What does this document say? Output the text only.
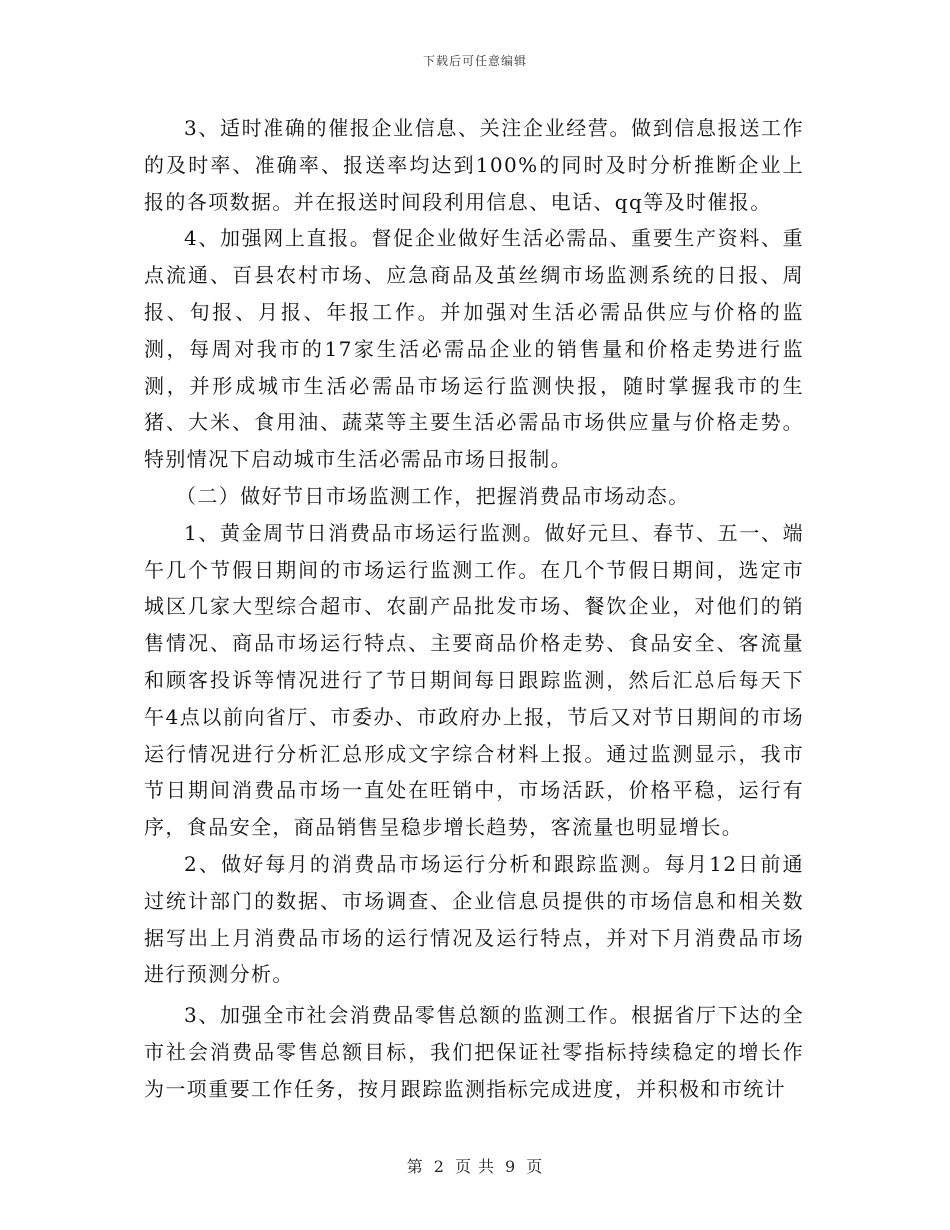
下载后可任意编辑

3、适时准确的催报企业信息、关注企业经营。做到信息报送工作的及时率、准确率、报送率均达到100%的同时及时分析推断企业上报的各项数据。并在报送时间段利用信息、电话、qq等及时催报。

4、加强网上直报。督促企业做好生活必需品、重要生产资料、重点流通、百县农村市场、应急商品及茧丝绸市场监测系统的日报、周报、旬报、月报、年报工作。并加强对生活必需品供应与价格的监测，每周对我市的17家生活必需品企业的销售量和价格走势进行监测，并形成城市生活必需品市场运行监测快报，随时掌握我市的生猪、大米、食用油、蔬菜等主要生活必需品市场供应量与价格走势。特别情况下启动城市生活必需品市场日报制。

（二）做好节日市场监测工作，把握消费品市场动态。

1、黄金周节日消费品市场运行监测。做好元旦、春节、五一、端午几个节假日期间的市场运行监测工作。在几个节假日期间，选定市城区几家大型综合超市、农副产品批发市场、餐饮企业，对他们的销售情况、商品市场运行特点、主要商品价格走势、食品安全、客流量和顾客投诉等情况进行了节日期间每日跟踪监测，然后汇总后每天下午4点以前向省厅、市委办、市政府办上报，节后又对节日期间的市场运行情况进行分析汇总形成文字综合材料上报。通过监测显示，我市节日期间消费品市场一直处在旺销中，市场活跃，价格平稳，运行有序，食品安全，商品销售呈稳步增长趋势，客流量也明显增长。

2、做好每月的消费品市场运行分析和跟踪监测。每月12日前通过统计部门的数据、市场调查、企业信息员提供的市场信息和相关数据写出上月消费品市场的运行情况及运行特点，并对下月消费品市场进行预测分析。

3、加强全市社会消费品零售总额的监测工作。根据省厅下达的全市社会消费品零售总额目标，我们把保证社零指标持续稳定的增长作为一项重要工作任务，按月跟踪监测指标完成进度，并积极和市统计

第 2 页 共 9 页
